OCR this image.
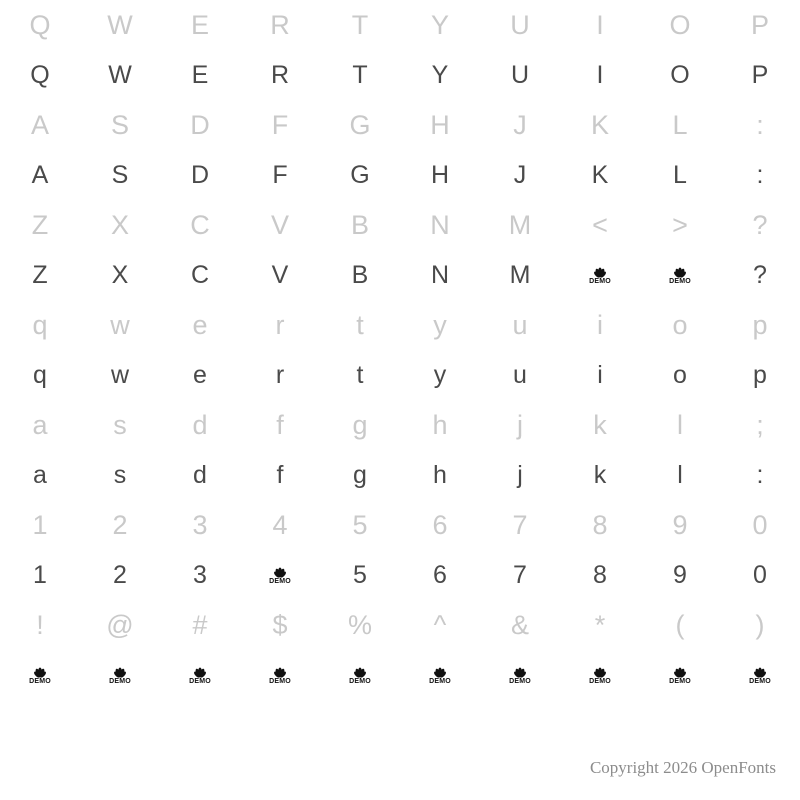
Q	W	E	R	T	Y	U	I	O	P
Q	W	E	R	T	Y	U	I	O	P
A	S	D	F	G	H	J	K	L	:
A	S	D	F	G	H	J	K	L	:
Z	X	C	V	B	N	M	<	>	?
Z	X	C	V	B	N	M	DEMO	DEMO	?
q	w	e	r	t	y	u	i	o	p
q	w	e	r	t	y	u	i	o	p
a	s	d	f	g	h	j	k	l	;
a	s	d	f	g	h	j	k	l	:
1	2	3	4	5	6	7	8	9	0
1	2	3	DEMO	5	6	7	8	9	0
!	@	#	$	%	^	&	*	(	)
DEMO	DEMO	DEMO	DEMO	DEMO	DEMO	DEMO	DEMO	DEMO	DEMO
Copyright 2026 OpenFonts
